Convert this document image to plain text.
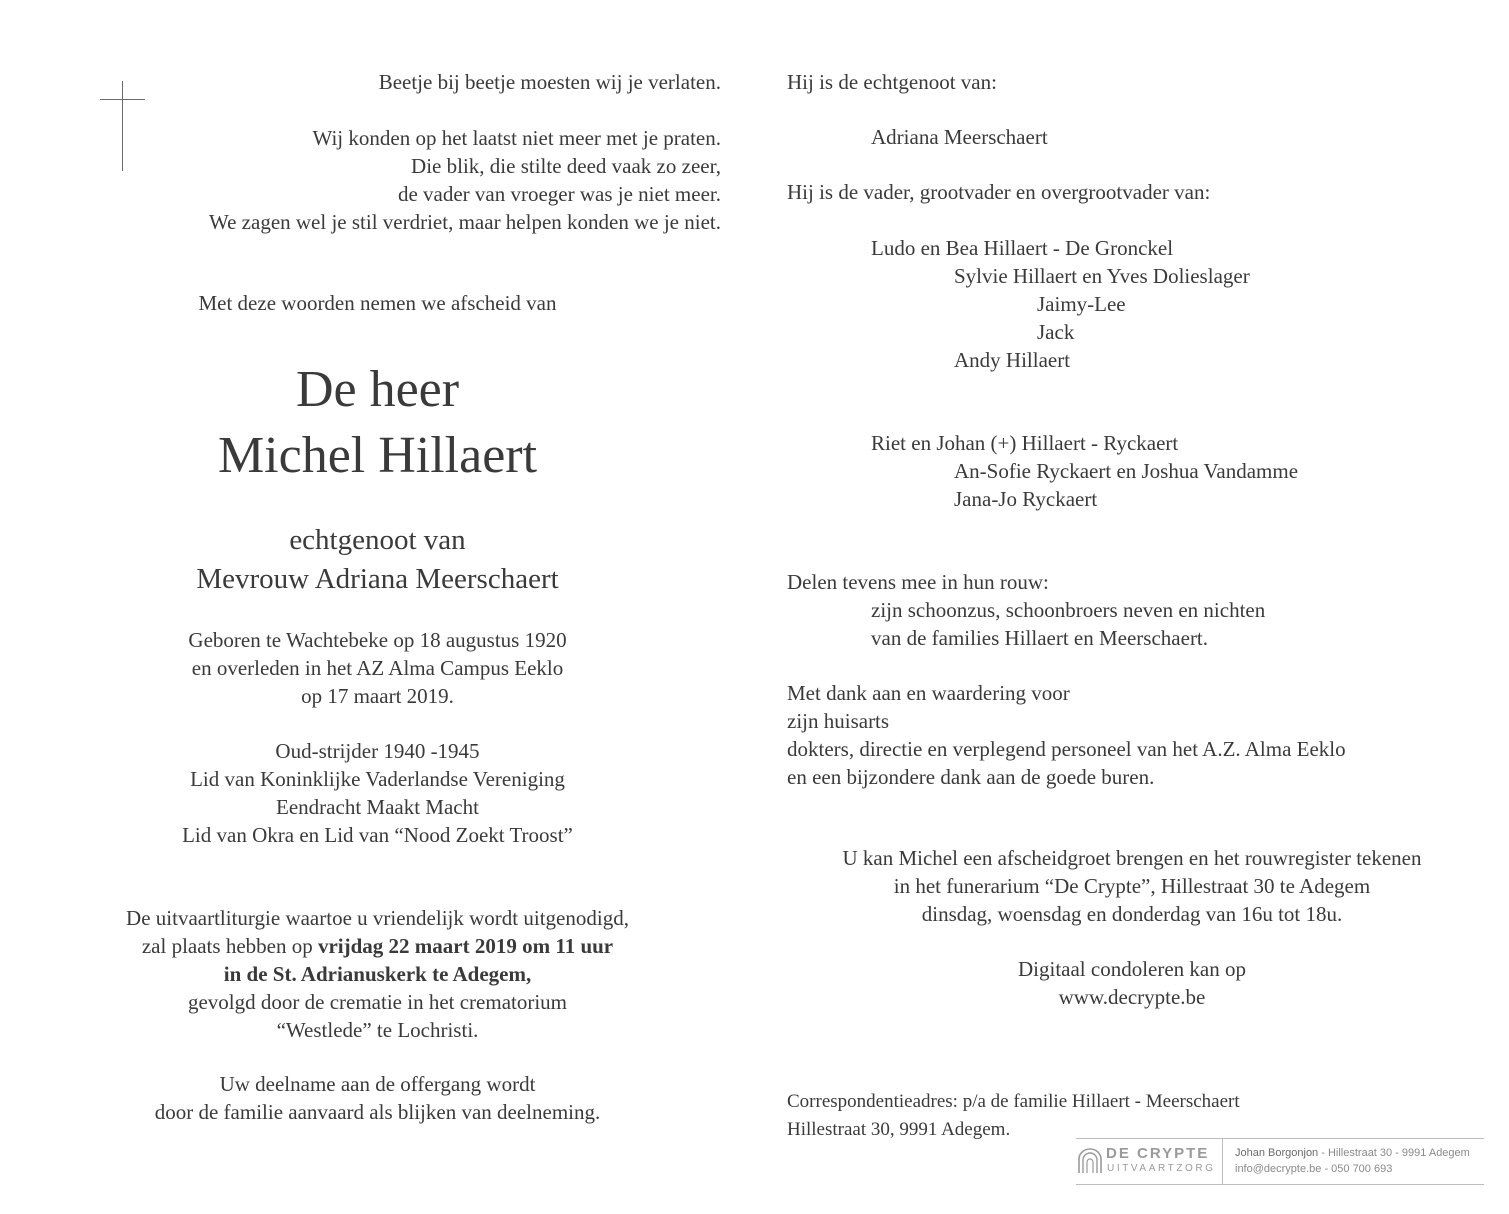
Beetje bij beetje moesten wij je verlaten.
Wij konden op het laatst niet meer met je praten.
Die blik, die stilte deed vaak zo zeer,
de vader van vroeger was je niet meer.
We zagen wel je stil verdriet, maar helpen konden we je niet.
Met deze woorden nemen we afscheid van
De heer
Michel Hillaert
echtgenoot van
Mevrouw Adriana Meerschaert
Geboren te Wachtebeke op 18 augustus 1920
en overleden in het AZ Alma Campus Eeklo
op 17 maart 2019.
Oud-strijder 1940 -1945
Lid van Koninklijke Vaderlandse Vereniging
Eendracht Maakt Macht
Lid van Okra en Lid van “Nood Zoekt Troost”
De uitvaartliturgie waartoe u vriendelijk wordt uitgenodigd,
zal plaats hebben op vrijdag 22 maart 2019 om 11 uur
in de St. Adrianuskerk te Adegem,
gevolgd door de crematie in het crematorium
“Westlede” te Lochristi.
Uw deelname aan de offergang wordt
door de familie aanvaard als blijken van deelneming.
Hij is de echtgenoot van:
Adriana Meerschaert
Hij is de vader, grootvader en overgrootvader van:
Ludo en Bea Hillaert - De Gronckel
Sylvie Hillaert en Yves Dolieslager
Jaimy-Lee
Jack
Andy Hillaert
Riet en Johan (+) Hillaert - Ryckaert
An-Sofie Ryckaert en Joshua Vandamme
Jana-Jo Ryckaert
Delen tevens mee in hun rouw:
zijn schoonzus, schoonbroers neven en nichten
van de families Hillaert en Meerschaert.
Met dank aan en waardering voor
zijn huisarts
dokters, directie en verplegend personeel van het A.Z. Alma Eeklo
en een bijzondere dank aan de goede buren.
U kan Michel een afscheidgroet brengen en het rouwregister tekenen
in het funerarium “De Crypte”, Hillestraat 30 te Adegem
dinsdag, woensdag en donderdag van 16u tot 18u.
Digitaal condoleren kan op
www.decrypte.be
Correspondentieadres: p/a de familie Hillaert - Meerschaert
Hillestraat 30, 9991 Adegem.
DE CRYPTE
UITVAARTZORG
Johan Borgonjon - Hillestraat 30 - 9991 Adegem
info@decrypte.be - 050 700 693
